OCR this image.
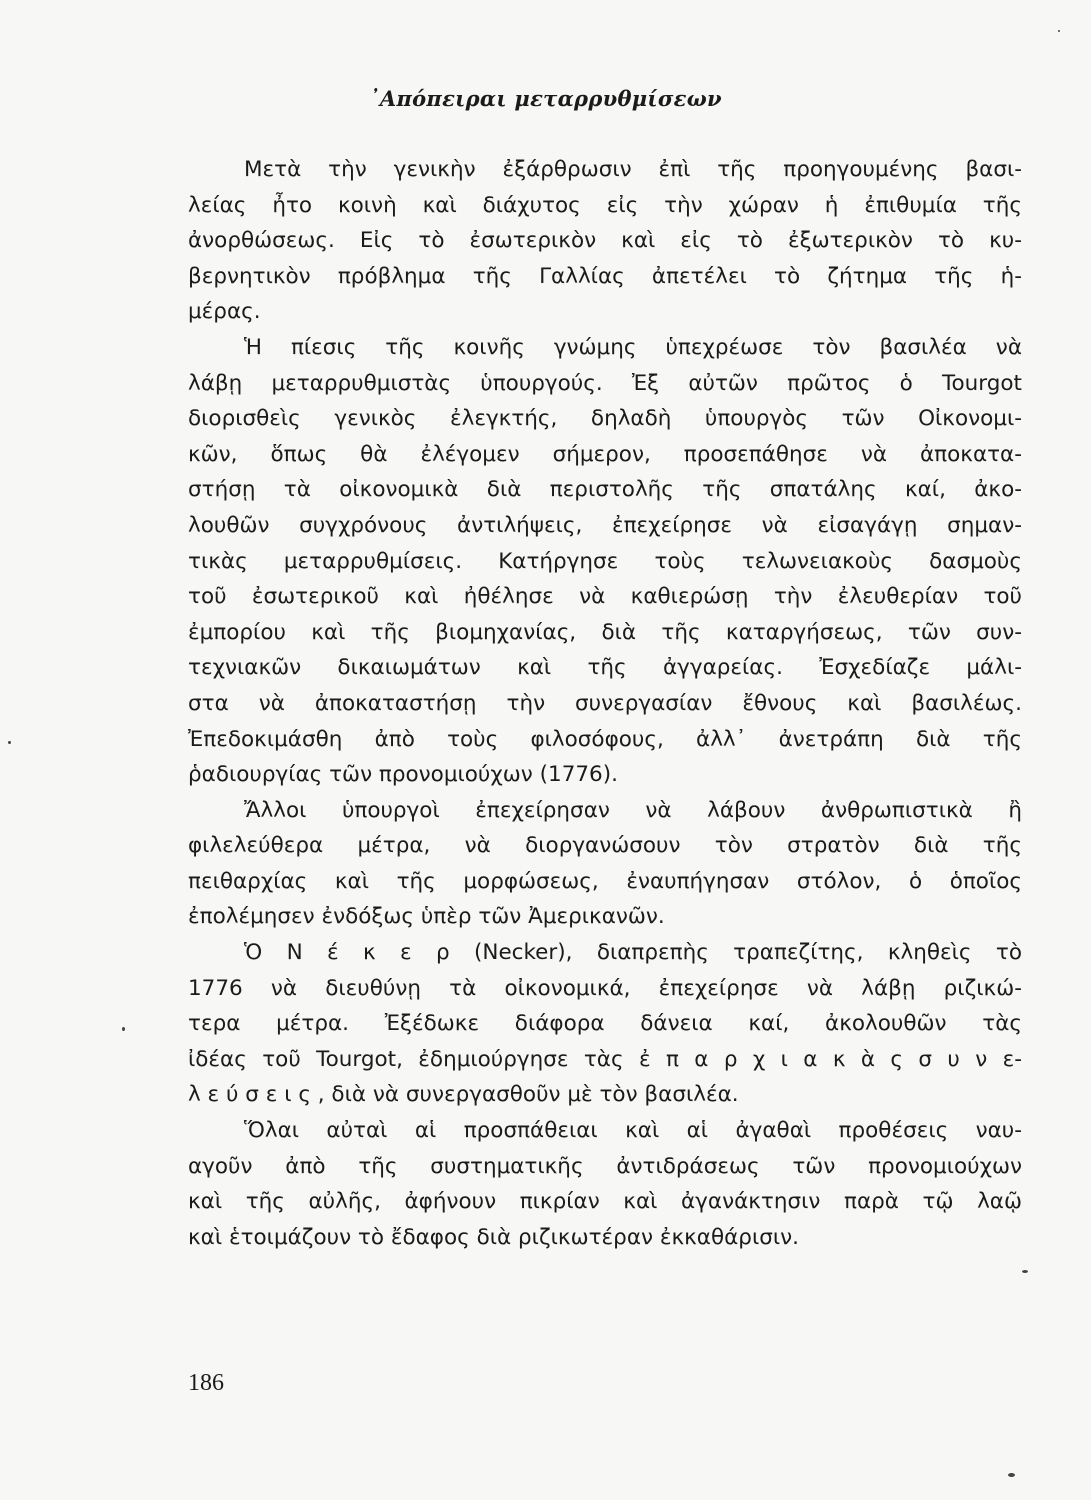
᾿Απόπειραι μεταρρυθμίσεων
Μετὰ τὴν γενικὴν ἐξάρθρωσιν ἐπὶ τῆς προηγουμένης βασι-
λείας ἦτο κοινὴ καὶ διάχυτος εἰς τὴν χώραν ἡ ἐπιθυμία τῆς
ἀνορθώσεως. Εἰς τὸ ἐσωτερικὸν καὶ εἰς τὸ ἐξωτερικὸν τὸ κυ-
βερνητικὸν πρόβλημα τῆς Γαλλίας ἀπετέλει τὸ ζήτημα τῆς ἡ-
μέρας.
Ἡ πίεσις τῆς κοινῆς γνώμης ὑπεχρέωσε τὸν βασιλέα νὰ
λάβῃ μεταρρυθμιστὰς ὑπουργούς. Ἐξ αὐτῶν πρῶτος ὁ Tourgot
διορισθεὶς γενικὸς ἐλεγκτής, δηλαδὴ ὑπουργὸς τῶν Οἰκονομι-
κῶν, ὅπως θὰ ἐλέγομεν σήμερον, προσεπάθησε νὰ ἀποκατα-
στήσῃ τὰ οἰκονομικὰ διὰ περιστολῆς τῆς σπατάλης καί, ἀκο-
λουθῶν συγχρόνους ἀντιλήψεις, ἐπεχείρησε νὰ εἰσαγάγῃ σημαν-
τικὰς μεταρρυθμίσεις. Κατήργησε τοὺς τελωνειακοὺς δασμοὺς
τοῦ ἐσωτερικοῦ καὶ ἠθέλησε νὰ καθιερώσῃ τὴν ἐλευθερίαν τοῦ
ἐμπορίου καὶ τῆς βιομηχανίας, διὰ τῆς καταργήσεως, τῶν συν-
τεχνιακῶν δικαιωμάτων καὶ τῆς ἀγγαρείας. Ἐσχεδίαζε μάλι-
στα νὰ ἀποκαταστήσῃ τὴν συνεργασίαν ἔθνους καὶ βασιλέως.
Ἐπεδοκιμάσθη ἀπὸ τοὺς φιλοσόφους, ἀλλ᾽ ἀνετράπη διὰ τῆς
ῥαδιουργίας τῶν προνομιούχων (1776).
Ἄλλοι ὑπουργοὶ ἐπεχείρησαν νὰ λάβουν ἀνθρωπιστικὰ ἢ
φιλελεύθερα μέτρα, νὰ διοργανώσουν τὸν στρατὸν διὰ τῆς
πειθαρχίας καὶ τῆς μορφώσεως, ἐναυπήγησαν στόλον, ὁ ὁποῖος
ἐπολέμησεν ἐνδόξως ὑπὲρ τῶν Ἀμερικανῶν.
Ὁ Ν έ κ ε ρ (Necker), διαπρεπὴς τραπεζίτης, κληθεὶς τὸ
1776 νὰ διευθύνῃ τὰ οἰκονομικά, ἐπεχείρησε νὰ λάβῃ ριζικώ-
τερα μέτρα. Ἐξέδωκε διάφορα δάνεια καί, ἀκολουθῶν τὰς
ἰδέας τοῦ Tourgot, ἐδημιούργησε τὰς ἐ π α ρ χ ι α κ ὰ ς σ υ ν ε-
λ ε ύ σ ε ι ς , διὰ νὰ συνεργασθοῦν μὲ τὸν βασιλέα.
Ὅλαι αὐταὶ αἱ προσπάθειαι καὶ αἱ ἀγαθαὶ προθέσεις ναυ-
αγοῦν ἀπὸ τῆς συστηματικῆς ἀντιδράσεως τῶν προνομιούχων
καὶ τῆς αὐλῆς, ἀφήνουν πικρίαν καὶ ἀγανάκτησιν παρὰ τῷ λαῷ
καὶ ἑτοιμάζουν τὸ ἔδαφος διὰ ριζικωτέραν ἐκκαθάρισιν.
186
